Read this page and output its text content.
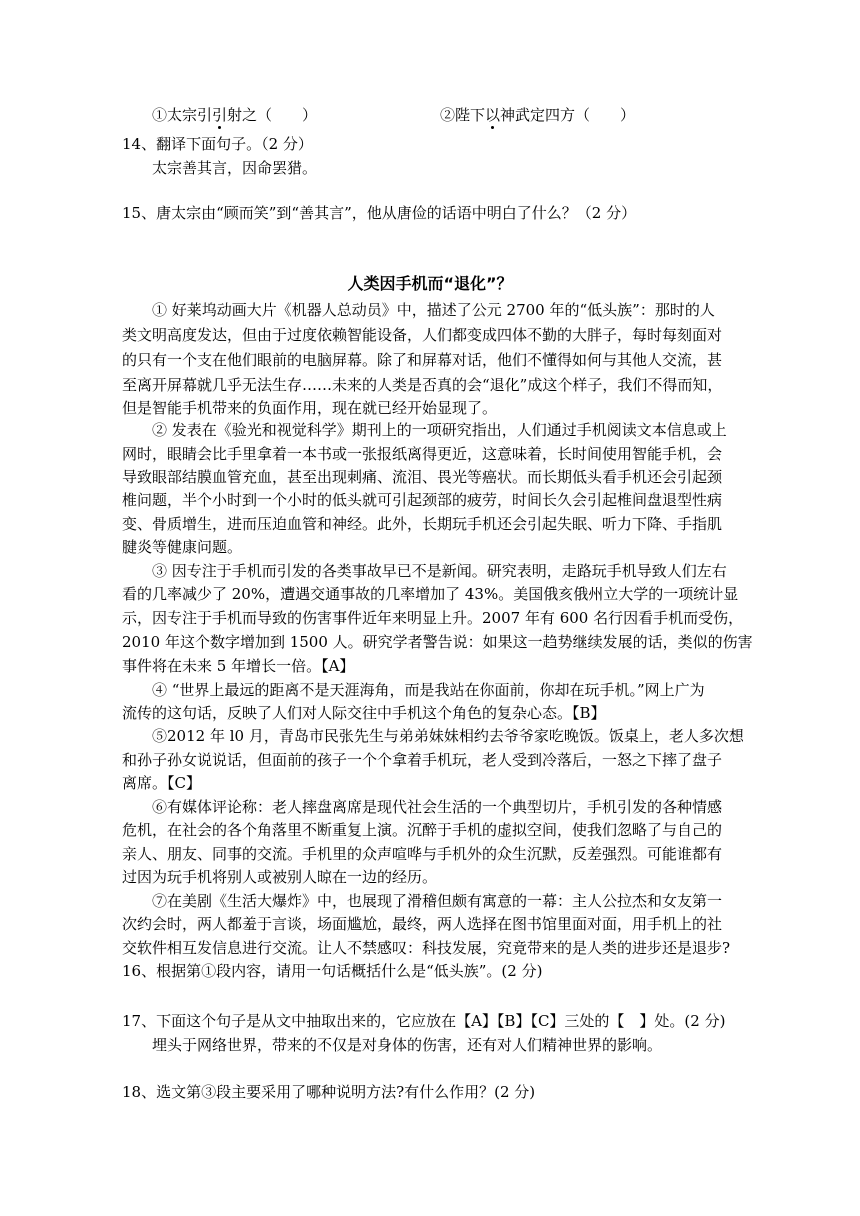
①太宗引引射之（　　）	②陛下以神武定四方（　　）
14、翻译下面句子。（2 分）
太宗善其言，因命罢猎。
15、唐太宗由“顾而笑”到“善其言”，他从唐俭的话语中明白了什么？（2 分）
人类因手机而“退化”？
① 好莱坞动画大片《机器人总动员》中，描述了公元 2700 年的“低头族”：那时的人
类文明高度发达，但由于过度依赖智能设备，人们都变成四体不勤的大胖子，每时每刻面对
的只有一个支在他们眼前的电脑屏幕。除了和屏幕对话，他们不懂得如何与其他人交流，甚
至离开屏幕就几乎无法生存……未来的人类是否真的会“退化”成这个样子，我们不得而知，
但是智能手机带来的负面作用，现在就已经开始显现了。
② 发表在《验光和视觉科学》期刊上的一项研究指出，人们通过手机阅读文本信息或上
网时，眼睛会比手里拿着一本书或一张报纸离得更近，这意味着，长时间使用智能手机，会
导致眼部结膜血管充血，甚至出现刺痛、流泪、畏光等癌状。而长期低头看手机还会引起颈
椎问题，半个小时到一个小时的低头就可引起颈部的疲劳，时间长久会引起椎间盘退型性病
变、骨质增生，进而压迫血管和神经。此外，长期玩手机还会引起失眠、听力下降、手指肌
腱炎等健康问题。
③ 因专注于手机而引发的各类事故早已不是新闻。研究表明，走路玩手机导致人们左右
看的几率减少了 20%，遭遇交通事故的几率增加了 43%。美国俄亥俄州立大学的一项统计显
示，因专注于手机而导致的伤害事件近年来明显上升。2007 年有 600 名行因看手机而受伤，
2010 年这个数字增加到 1500 人。研究学者警告说：如果这一趋势继续发展的话，类似的伤害
事件将在未来 5 年增长一倍。【A】
④ “世界上最远的距离不是天涯海角，而是我站在你面前，你却在玩手机。”网上广为
流传的这句话，反映了人们对人际交往中手机这个角色的复杂心态。【B】
⑤2012 年 l0 月，青岛市民张先生与弟弟妹妹相约去爷爷家吃晚饭。饭桌上，老人多次想
和孙子孙女说说话，但面前的孩子一个个拿着手机玩，老人受到冷落后，一怒之下摔了盘子
离席。【C】
⑥有媒体评论称：老人摔盘离席是现代社会生活的一个典型切片，手机引发的各种情感
危机，在社会的各个角落里不断重复上演。沉醉于手机的虚拟空间，使我们忽略了与自己的
亲人、朋友、同事的交流。手机里的众声喧哗与手机外的众生沉默，反差强烈。可能谁都有
过因为玩手机将别人或被别人晾在一边的经历。
⑦在美剧《生活大爆炸》中，也展现了滑稽但颇有寓意的一幕：主人公拉杰和女友第一
次约会时，两人都羞于言谈，场面尴尬，最终，两人选择在图书馆里面对面，用手机上的社
交软件相互发信息进行交流。让人不禁感叹：科技发展，究竟带来的是人类的进步还是退步?
16、根据第①段内容，请用一句话概括什么是“低头族”。(2 分)
17、下面这个句子是从文中抽取出来的，它应放在【A】【B】【C】三处的【　】处。(2 分)
埋头于网络世界，带来的不仅是对身体的伤害，还有对人们精神世界的影响。
18、选文第③段主要采用了哪种说明方法?有什么作用？(2 分)
